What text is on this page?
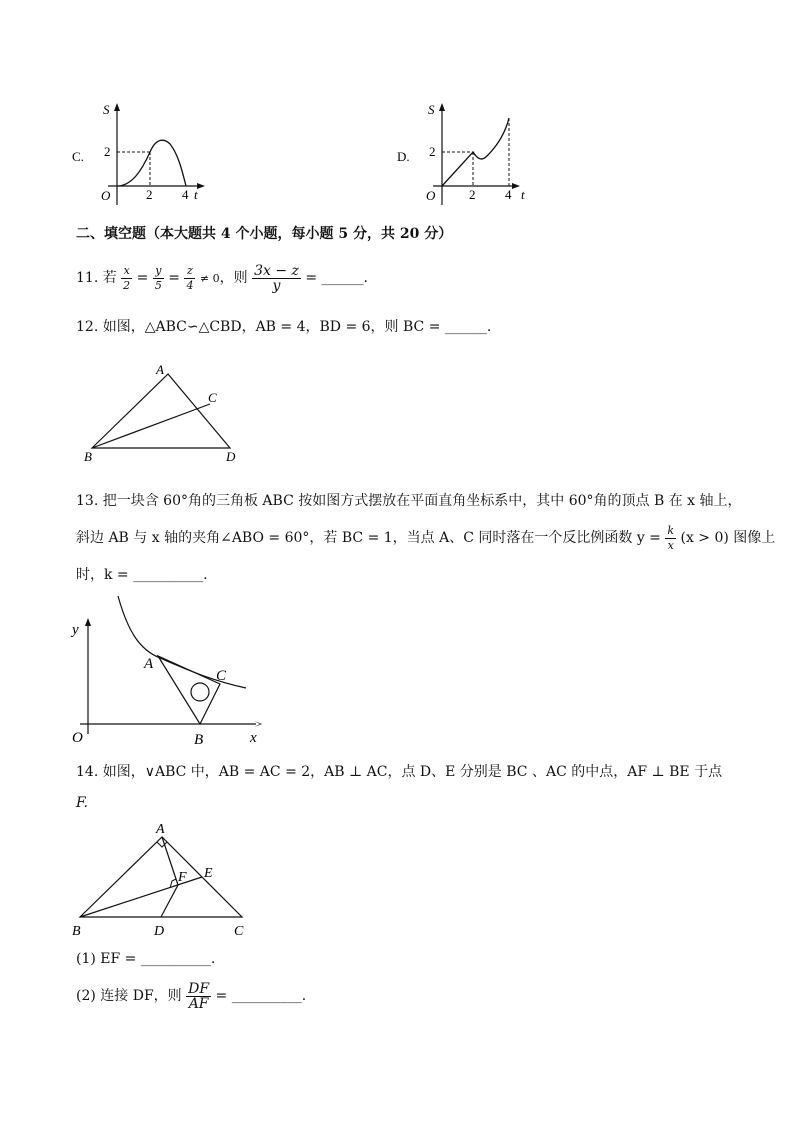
C.
S
t
O
2
2 4
D.
S
t
O
2
2 4
二、填空题（本大题共 4 个小题，每小题 5 分，共 20 分）
11. 若 $\frac{x}{2} = \frac{y}{5} = \frac{z}{4} \ne 0$，则 $\frac{3x - z}{y}$ = ______.
12. 如图，△ABC∽△CBD，AB = 4，BD = 6，则 BC = ______.
A
B
C
D
13. 把一块含 60°角的三角板 ABC 按如图方式摆放在平面直角坐标系中，其中 60°角的顶点 B 在 x 轴上，
斜边 AB 与 x 轴的夹角∠ABO = 60°，若 BC = 1，当点 A、C 同时落在一个反比例函数 $y = \frac{k}{x} (x > 0)$ 图像上
时，k = __________.
y
x
O
A
B
C
14. 如图，∨ABC 中，AB = AC = 2，AB ⊥ AC，点 D、E 分别是 BC 、AC 的中点，AF ⊥ BE 于点
F.
A
B	C
D
E
F
(1) EF = __________.
(2) 连接 DF，则 $\frac{DF}{AF}$ = __________.
